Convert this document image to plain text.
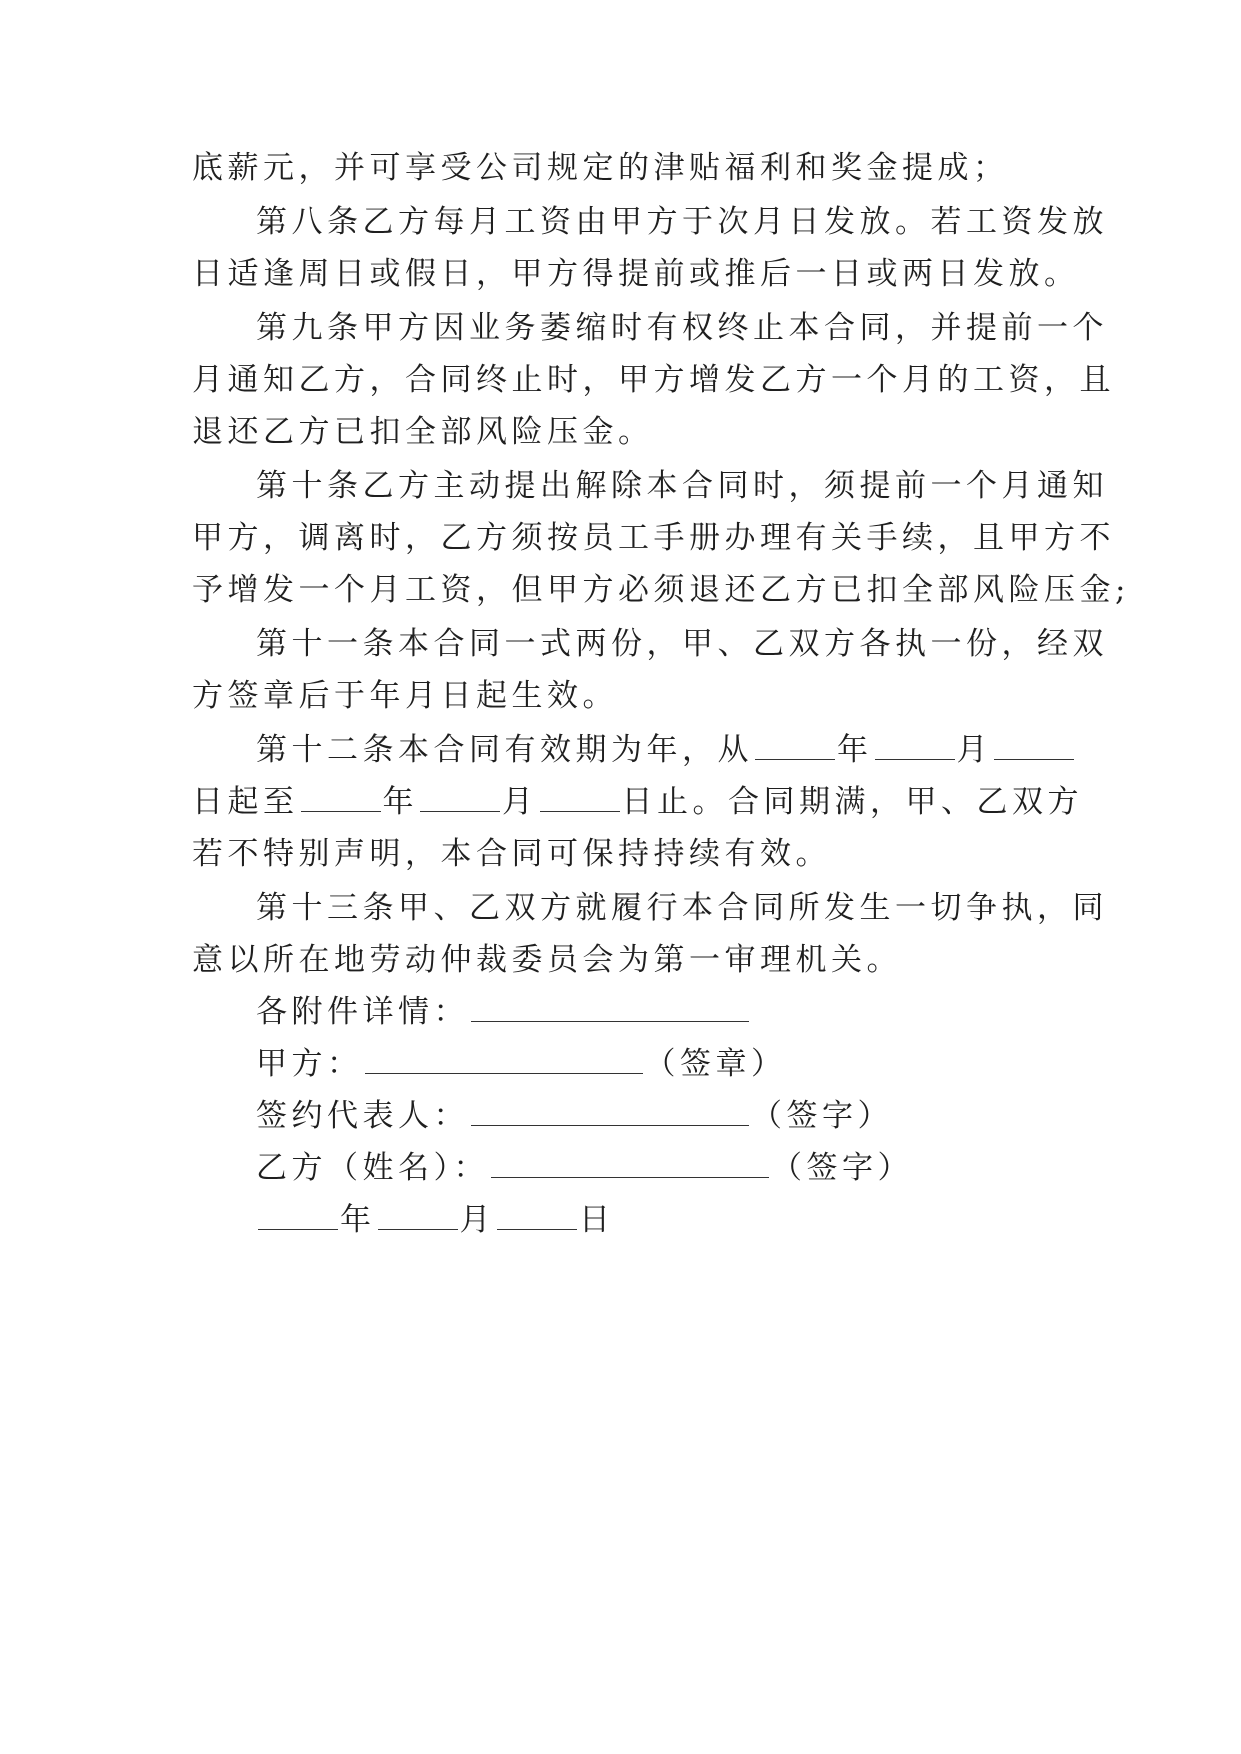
底薪元，并可享受公司规定的津贴福利和奖金提成；
第八条乙方每月工资由甲方于次月日发放。若工资发放
日适逢周日或假日，甲方得提前或推后一日或两日发放。
第九条甲方因业务萎缩时有权终止本合同，并提前一个
月通知乙方，合同终止时，甲方增发乙方一个月的工资，且
退还乙方已扣全部风险压金。
第十条乙方主动提出解除本合同时，须提前一个月通知
甲方，调离时，乙方须按员工手册办理有关手续，且甲方不
予增发一个月工资，但甲方必须退还乙方已扣全部风险压金;
第十一条本合同一式两份，甲、乙双方各执一份，经双
方签章后于年月日起生效。
第十二条本合同有效期为年，从	年	月
日起至	年	月	日止。合同期满，甲、乙双方
若不特别声明，本合同可保持持续有效。
第十三条甲、乙双方就履行本合同所发生一切争执，同
意以所在地劳动仲裁委员会为第一审理机关。
各附件详情：
甲方：	（签章）
签约代表人：	（签字）
乙方（姓名）：	（签字）
年	月	日
